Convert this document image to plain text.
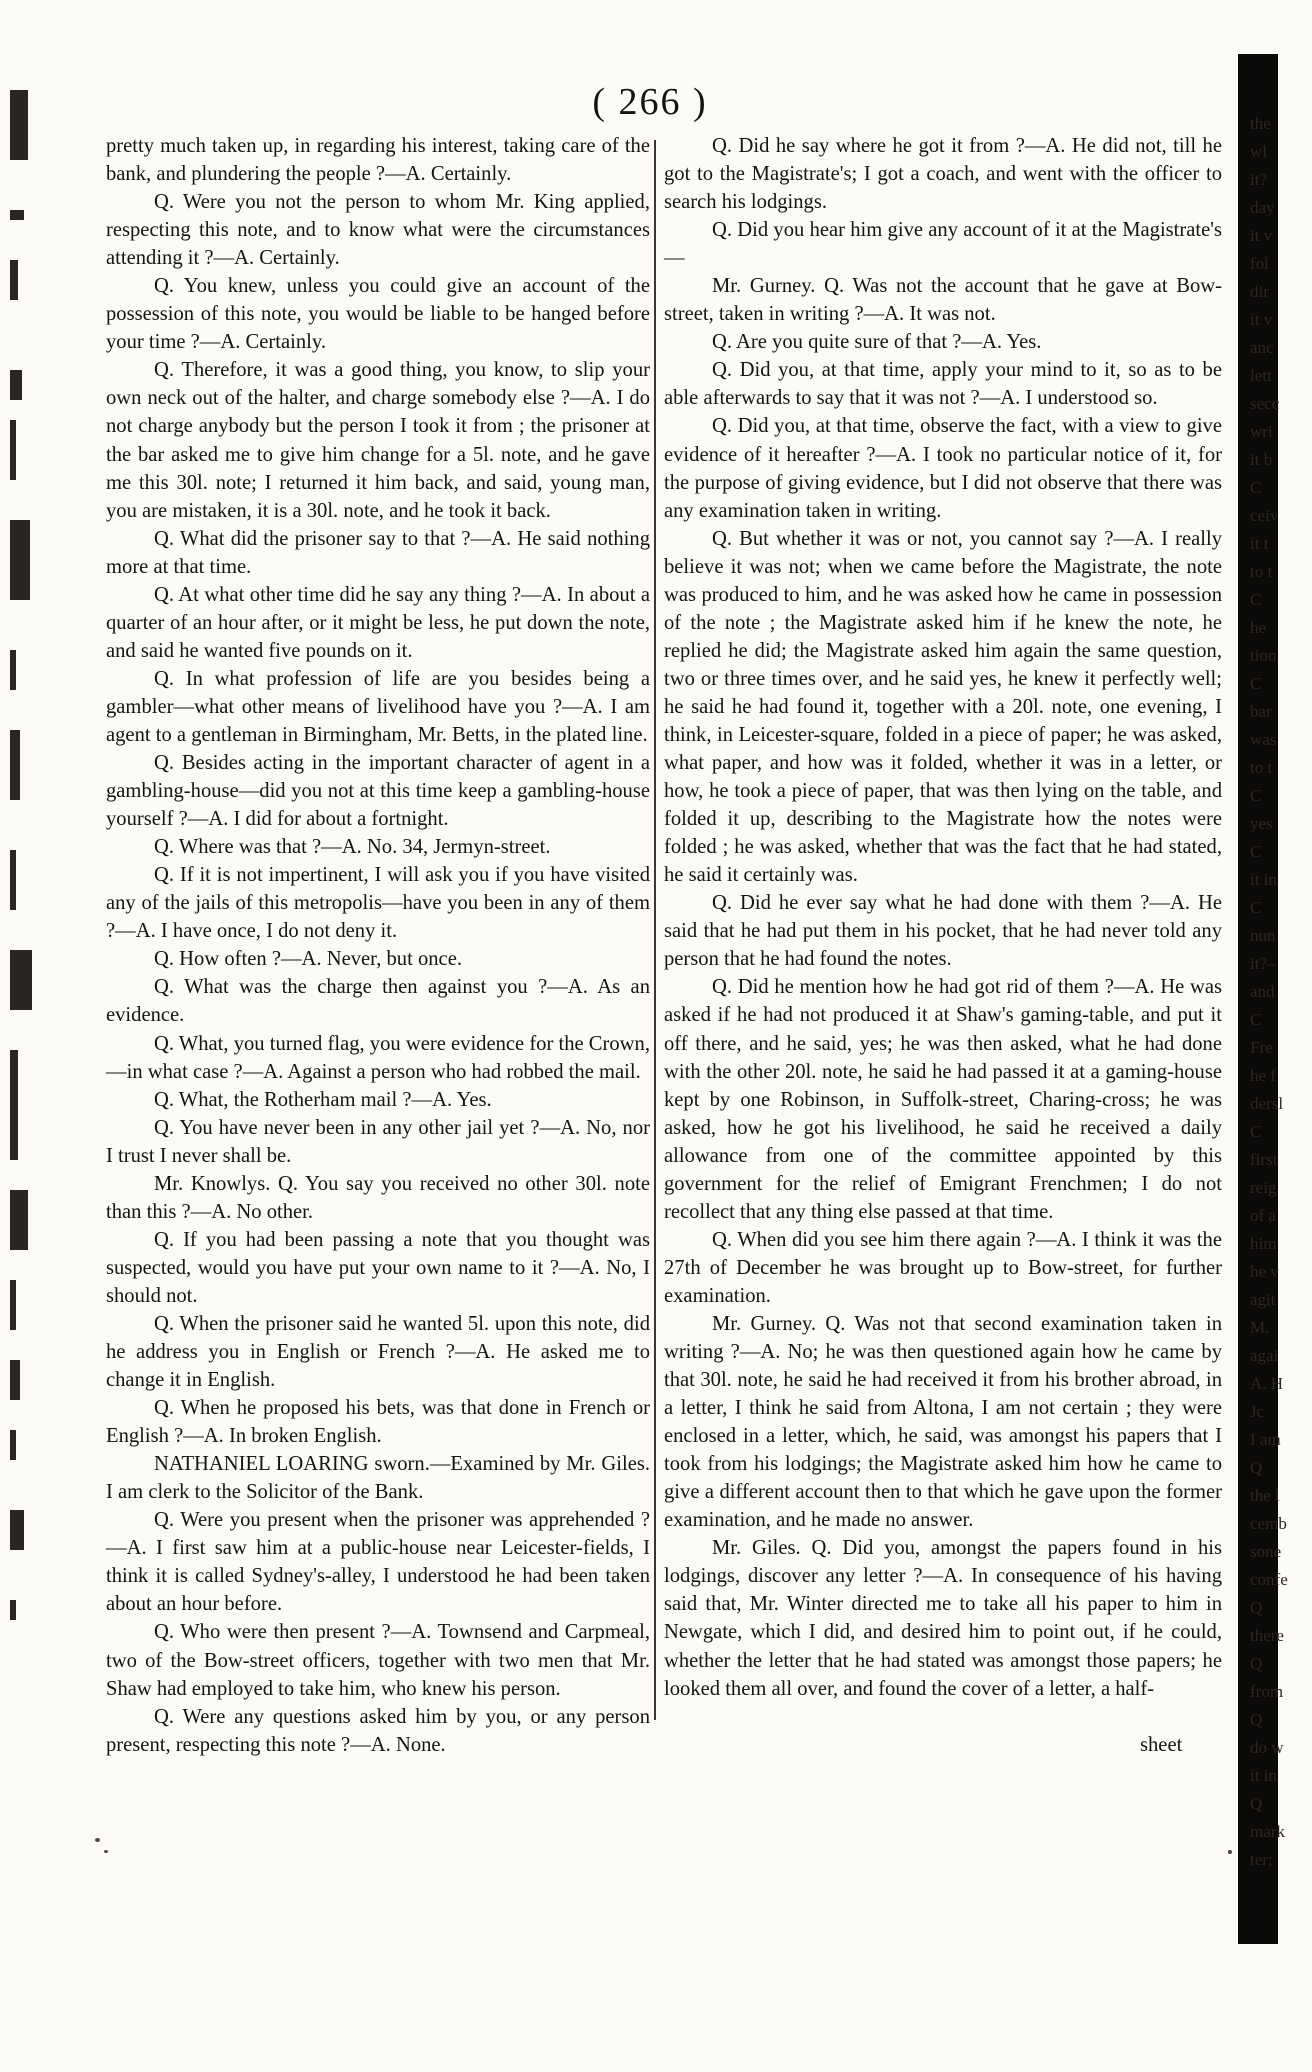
( 266 )

pretty much taken up, in regarding his interest, taking care of the bank, and plundering the people ?—A. Certainly.

Q. Were you not the person to whom Mr. King applied, respecting this note, and to know what were the circumstances attending it ?—A. Certainly.

Q. You knew, unless you could give an account of the possession of this note, you would be liable to be hanged before your time ?—A. Certainly.

Q. Therefore, it was a good thing, you know, to slip your own neck out of the halter, and charge somebody else ?—A. I do not charge anybody but the person I took it from ; the prisoner at the bar asked me to give him change for a 5l. note, and he gave me this 30l. note; I returned it him back, and said, young man, you are mistaken, it is a 30l. note, and he took it back.

Q. What did the prisoner say to that ?—A. He said nothing more at that time.

Q. At what other time did he say any thing ?—A. In about a quarter of an hour after, or it might be less, he put down the note, and said he wanted five pounds on it.

Q. In what profession of life are you besides being a gambler—what other means of livelihood have you ?—A. I am agent to a gentleman in Birmingham, Mr. Betts, in the plated line.

Q. Besides acting in the important character of agent in a gambling-house—did you not at this time keep a gambling-house yourself ?—A. I did for about a fortnight.

Q. Where was that ?—A. No. 34, Jermyn-street.

Q. If it is not impertinent, I will ask you if you have visited any of the jails of this metropolis—have you been in any of them ?—A. I have once, I do not deny it.

Q. How often ?—A. Never, but once.

Q. What was the charge then against you ?—A. As an evidence.

Q. What, you turned flag, you were evidence for the Crown,—in what case ?—A. Against a person who had robbed the mail.

Q. What, the Rotherham mail ?—A. Yes.

Q. You have never been in any other jail yet ?—A. No, nor I trust I never shall be.

Mr. Knowlys. Q. You say you received no other 30l. note than this ?—A. No other.

Q. If you had been passing a note that you thought was suspected, would you have put your own name to it ?—A. No, I should not.

Q. When the prisoner said he wanted 5l. upon this note, did he address you in English or French ?—A. He asked me to change it in English.

Q. When he proposed his bets, was that done in French or English ?—A. In broken English.

NATHANIEL LOARING sworn.—Examined by Mr. Giles. I am clerk to the Solicitor of the Bank.

Q. Were you present when the prisoner was apprehended ?—A. I first saw him at a public-house near Leicester-fields, I think it is called Sydney's-alley, I understood he had been taken about an hour before.

Q. Who were then present ?—A. Townsend and Carpmeal, two of the Bow-street officers, together with two men that Mr. Shaw had employed to take him, who knew his person.

Q. Were any questions asked him by you, or any person present, respecting this note ?—A. None.

Q. Did he say where he got it from ?—A. He did not, till he got to the Magistrate's; I got a coach, and went with the officer to search his lodgings.

Q. Did you hear him give any account of it at the Magistrate's—

Mr. Gurney. Q. Was not the account that he gave at Bow-street, taken in writing ?—A. It was not.

Q. Are you quite sure of that ?—A. Yes.

Q. Did you, at that time, apply your mind to it, so as to be able afterwards to say that it was not ?—A. I understood so.

Q. Did you, at that time, observe the fact, with a view to give evidence of it hereafter ?—A. I took no particular notice of it, for the purpose of giving evidence, but I did not observe that there was any examination taken in writing.

Q. But whether it was or not, you cannot say ?—A. I really believe it was not; when we came before the Magistrate, the note was produced to him, and he was asked how he came in possession of the note ; the Magistrate asked him if he knew the note, he replied he did; the Magistrate asked him again the same question, two or three times over, and he said yes, he knew it perfectly well; he said he had found it, together with a 20l. note, one evening, I think, in Leicester-square, folded in a piece of paper; he was asked, what paper, and how was it folded, whether it was in a letter, or how, he took a piece of paper, that was then lying on the table, and folded it up, describing to the Magistrate how the notes were folded ; he was asked, whether that was the fact that he had stated, he said it certainly was.

Q. Did he ever say what he had done with them ?—A. He said that he had put them in his pocket, that he had never told any person that he had found the notes.

Q. Did he mention how he had got rid of them ?—A. He was asked if he had not produced it at Shaw's gaming-table, and put it off there, and he said, yes; he was then asked, what he had done with the other 20l. note, he said he had passed it at a gaming-house kept by one Robinson, in Suffolk-street, Charing-cross; he was asked, how he got his livelihood, he said he received a daily allowance from one of the committee appointed by this government for the relief of Emigrant Frenchmen; I do not recollect that any thing else passed at that time.

Q. When did you see him there again ?—A. I think it was the 27th of December he was brought up to Bow-street, for further examination.

Mr. Gurney. Q. Was not that second examination taken in writing ?—A. No; he was then questioned again how he came by that 30l. note, he said he had received it from his brother abroad, in a letter, I think he said from Altona, I am not certain ; they were enclosed in a letter, which, he said, was amongst his papers that I took from his lodgings; the Magistrate asked him how he came to give a different account then to that which he gave upon the former examination, and he made no answer.

Mr. Giles. Q. Did you, amongst the papers found in his lodgings, discover any letter ?—A. In consequence of his having said that, Mr. Winter directed me to take all his paper to him in Newgate, which I did, and desired him to point out, if he could, whether the letter that he had stated was amongst those papers; he looked them all over, and found the cover of a letter, a half-

sheet
the
wl
it?
day
it v
fol
dir
it v
anc
lett
secc
wri
it b
C
ceiv
it t
to t
C
he
tion
C
bar
was
to t
C
yes
C
it in
C
nun
it?–
and
C
Fre
he f
dersl
C
first
reig
of a
him
he v
agit
M.
agai
A. H
Jc
I am
Q
the l
cemb
sone
confe
Q
there
Q
from
Q
do w
it in
Q
mark
ter;
